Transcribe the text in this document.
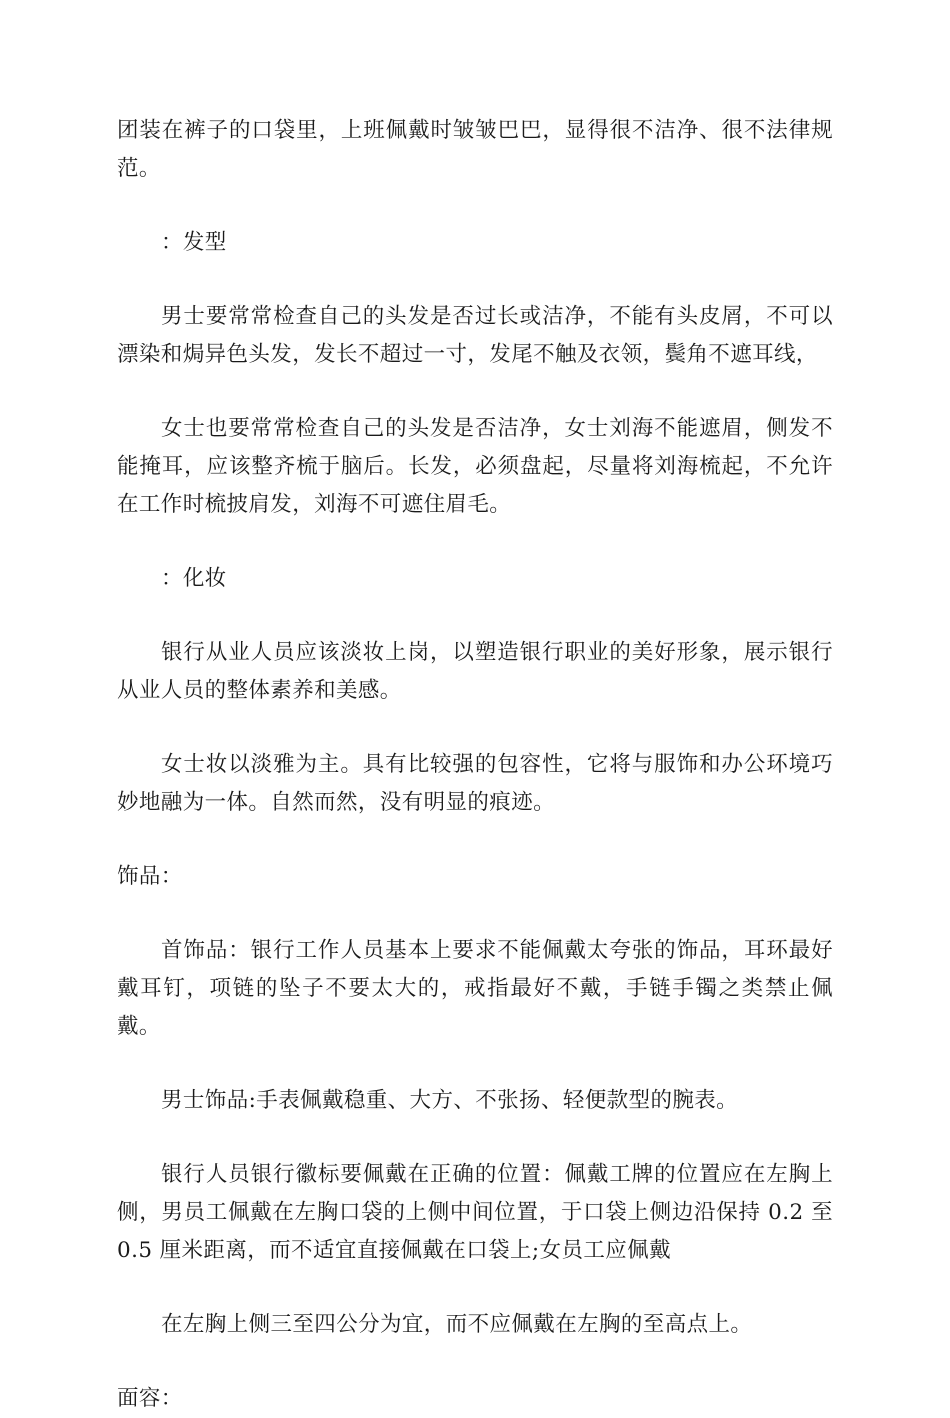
团装在裤子的口袋里，上班佩戴时皱皱巴巴，显得很不洁净、很不法律规范。

：发型

男士要常常检查自己的头发是否过长或洁净，不能有头皮屑，不可以漂染和焗异色头发，发长不超过一寸，发尾不触及衣领，鬓角不遮耳线，

女士也要常常检查自己的头发是否洁净，女士刘海不能遮眉，侧发不能掩耳，应该整齐梳于脑后。长发，必须盘起，尽量将刘海梳起，不允许在工作时梳披肩发，刘海不可遮住眉毛。

：化妆

银行从业人员应该淡妆上岗，以塑造银行职业的美好形象，展示银行从业人员的整体素养和美感。

女士妆以淡雅为主。具有比较强的包容性，它将与服饰和办公环境巧妙地融为一体。自然而然，没有明显的痕迹。

饰品：

首饰品：银行工作人员基本上要求不能佩戴太夸张的饰品，耳环最好戴耳钉，项链的坠子不要太大的，戒指最好不戴，手链手镯之类禁止佩戴。

男士饰品:手表佩戴稳重、大方、不张扬、轻便款型的腕表。

银行人员银行徽标要佩戴在正确的位置：佩戴工牌的位置应在左胸上侧，男员工佩戴在左胸口袋的上侧中间位置，于口袋上侧边沿保持 0.2 至 0.5 厘米距离，而不适宜直接佩戴在口袋上;女员工应佩戴

在左胸上侧三至四公分为宜，而不应佩戴在左胸的至高点上。

面容：
